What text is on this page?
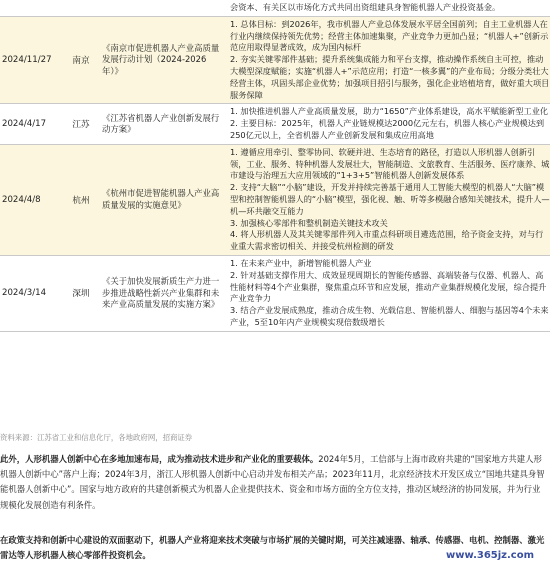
			会资本、有关区以市场化方式共同出资组建具身智能机器人产业投资基金。

2024/11/27	南京	《南京市促进机器人产业高质量发展行动计划（2024-2026年）》	1. 总体目标：到2026年，我市机器人产业总体发展水平居全国前列；自主工业机器人在行业内继续保持领先优势；经营主体加速集聚，产业竞争力更加凸显；“机器人+”创新示范应用取得显著成效，成为国内标杆
2. 夯实关键零部件基础；提升系统集成能力和平台支撑，推动操作系统自主可控，推动大模型深度赋能；实施“机器人+”示范应用；打造“一核多翼”的产业布局；分级分类壮大经营主体，巩固头部企业优势；加强项目招引与服务，强化企业培植培育，做好重大项目服务保障

2024/4/17	江苏	《江苏省机器人产业创新发展行动方案》	1. 加快推进机器人产业高质量发展，助力“1650”产业体系建设，高水平赋能新型工业化
2. 主要目标：2025年，机器人产业链规模达2000亿元左右，机器人核心产业规模达到250亿元以上，全省机器人产业创新发展和集成应用高地

2024/4/8	杭州	《杭州市促进智能机器人产业高质量发展的实施意见》	1. 遵循应用牵引、整零协同、软硬并进、生态培育的路径，打造以人形机器人创新引领，工业、服务、特种机器人发展壮大，智能制造、文旅教育、生活服务、医疗康养、城市建设与治理五大应用领域的“1+3+5”智能机器人创新发展体系
2. 支持“大脑”“小脑”建设，开发并持续完善基于通用人工智能大模型的机器人“大脑”模型和控制智能机器人的“小脑”模型，强化视、触、听等多模融合感知关键技术，提升人—机—环共融交互能力
3. 加强核心零部件和整机制造关键技术攻关
4. 将人形机器人及其关键零部件列入市重点科研项目遴选范围，给予资金支持，对与行业重大需求密切相关、并接受杭州检测的研发

2024/3/14	深圳	《关于加快发展新质生产力进一步推进战略性新兴产业集群和未来产业高质量发展的实施方案》	1. 在未来产业中，新增智能机器人产业
2. 针对基础支撑作用大、成效显现周期长的智能传感器、高端装备与仪器、机器人、高性能材料等4个产业集群，聚焦重点环节和应发展，推动产业集群规模化发展，综合提升产业竞争力
3. 结合产业发展成熟度，推动合成生物、光载信息、智能机器人、细胞与基因等4个未来产业，5至10年内产业规模实现倍数级增长
资料来源：江苏省工业和信息化厅，各地政府网，招商证券
此外，人形机器人创新中心在多地加速布局，成为推动技术进步和产业化的重要载体。2024年5月，工信部与上海市政府共建的“国家地方共建人形机器人创新中心”落户上海；2024年3月，浙江人形机器人创新中心启动并发布相关产品；2023年11月，北京经济技术开发区成立“国地共建具身智能机器人创新中心”。国家与地方政府的共建创新模式为机器人企业提供技术、资金和市场方面的全方位支持，推动区域经济的协同发展，并为行业规模化发展创造有利条件。
在政策支持和创新中心建设的双面驱动下，机器人产业将迎来技术突破与市场扩展的关键时期，可关注减速器、轴承、传感器、电机、控制器、激光雷达等人形机器人核心零部件投资机会。	www.365jz.com
